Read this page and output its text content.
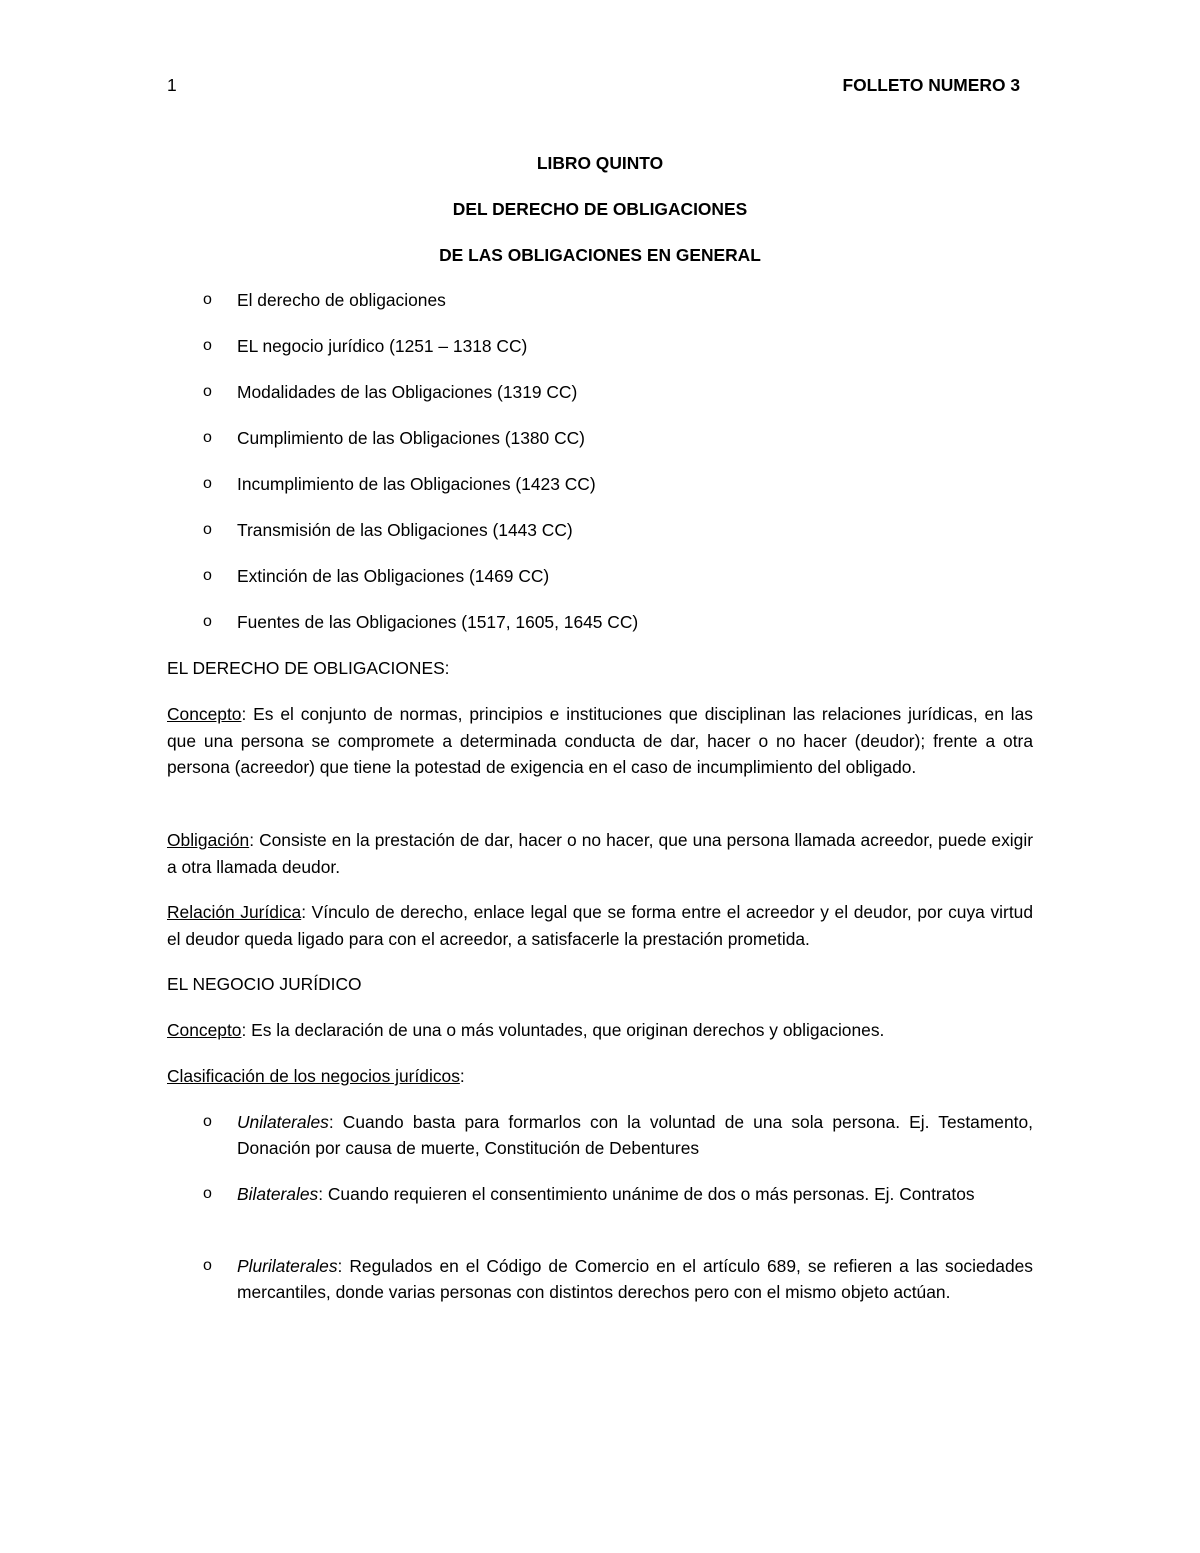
1	FOLLETO NUMERO 3
LIBRO QUINTO
DEL DERECHO DE OBLIGACIONES
DE LAS OBLIGACIONES EN GENERAL
o El derecho de obligaciones
o EL negocio jurídico (1251 – 1318 CC)
o Modalidades de las Obligaciones (1319 CC)
o Cumplimiento de las Obligaciones (1380 CC)
o Incumplimiento de las Obligaciones (1423 CC)
o Transmisión de las Obligaciones (1443 CC)
o Extinción de las Obligaciones (1469 CC)
o Fuentes de las Obligaciones (1517, 1605, 1645 CC)
EL DERECHO DE OBLIGACIONES:
Concepto: Es el conjunto de normas, principios e instituciones que disciplinan las relaciones jurídicas, en las que una persona se compromete a determinada conducta de dar, hacer o no hacer (deudor); frente a otra persona (acreedor) que tiene la potestad de exigencia en el caso de incumplimiento del obligado.
Obligación: Consiste en la prestación de dar, hacer o no hacer, que una persona llamada acreedor, puede exigir a otra llamada deudor.
Relación Jurídica: Vínculo de derecho, enlace legal que se forma entre el acreedor y el deudor, por cuya virtud el deudor queda ligado para con el acreedor, a satisfacerle la prestación prometida.
EL NEGOCIO JURÍDICO
Concepto: Es la declaración de una o más voluntades, que originan derechos y obligaciones.
Clasificación de los negocios jurídicos:
o Unilaterales: Cuando basta para formarlos con la voluntad de una sola persona. Ej. Testamento, Donación por causa de muerte, Constitución de Debentures
o Bilaterales: Cuando requieren el consentimiento unánime de dos o más personas. Ej. Contratos
o Plurilaterales: Regulados en el Código de Comercio en el artículo 689, se refieren a las sociedades mercantiles, donde varias personas con distintos derechos pero con el mismo objeto actúan.
